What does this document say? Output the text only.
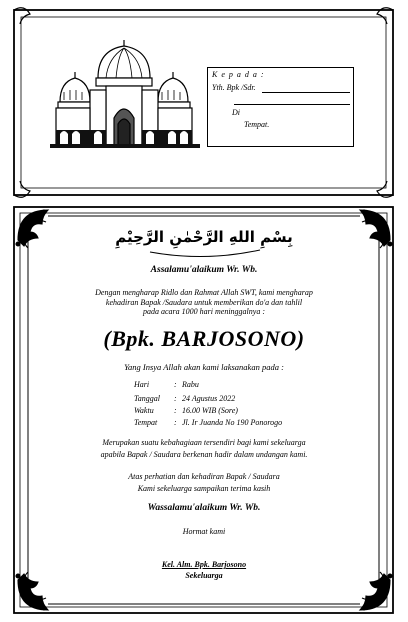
K e p a d a :
Yth. Bpk /Sdr.
Di
Tempat.
بِسْمِ اللهِ الرَّحْمٰنِ الرَّحِيْمِ
Assalamu'alaikum Wr. Wb.
Dengan mengharap Ridlo dan Rahmat Allah SWT, kami mengharap
kehadiran Bapak /Saudara untuk memberikan do'a dan tahlil
pada acara 1000 hari meninggalnya :
(Bpk. BARJOSONO)
Yang Insya Allah akan kami laksanakan pada :
Hari	: Rabu
Tanggal : 24 Agustus 2022
Waktu	: 16.00 WIB (Sore)
Tempat : Jl. Ir Juanda No 190 Ponorogo
Merupakan suatu kebahagiaan tersendiri bagi kami sekeluarga
apabila Bapak / Saudara berkenan hadir dalam undangan kami.
Atas perhatian dan kehadiran Bapak / Saudara
Kami sekeluarga sampaikan terima kasih
Wassalamu'alaikum Wr. Wb.
Hormat kami
Kel. Alm. Bpk. Barjosono
Sekeluarga
